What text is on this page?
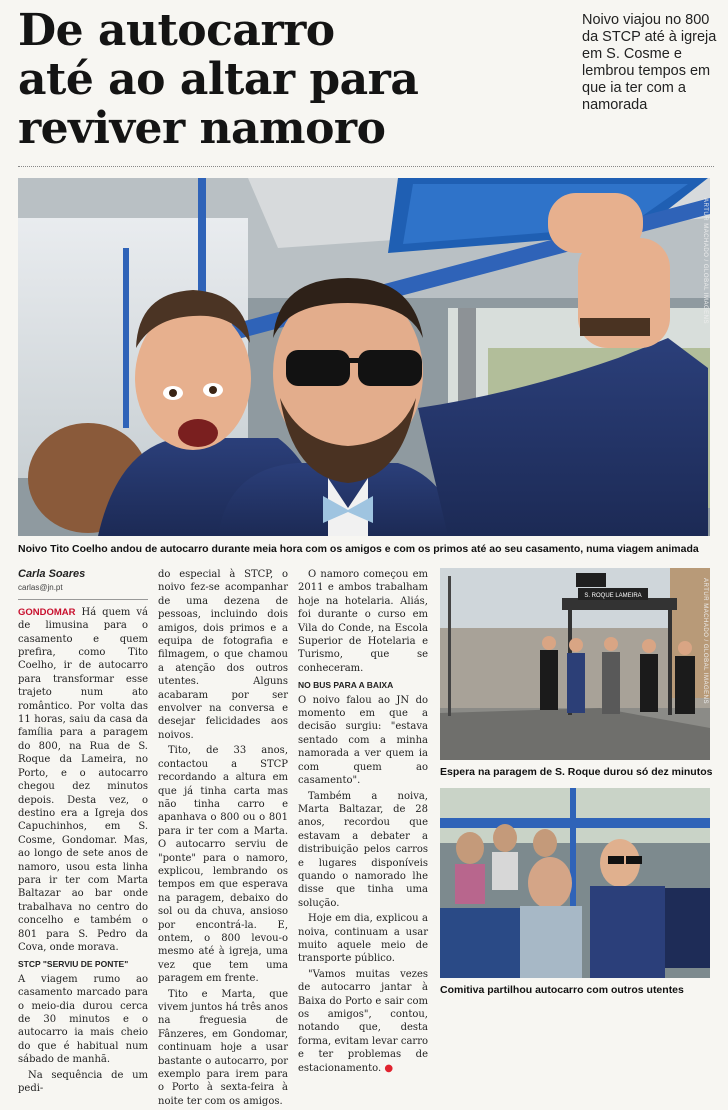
De autocarro
até ao altar para
reviver namoro
Noivo viajou no 800 da STCP até à igreja em S. Cosme e lembrou tempos em que ia ter com a namorada
ARTUR MACHADO / GLOBAL IMAGENS
Noivo Tito Coelho andou de autocarro durante meia hora com os amigos e com os primos até ao seu casamento, numa viagem animada
Carla Soares
carlas@jn.pt

GONDOMAR Há quem vá de limusina para o casamento e quem prefira, como Tito Coelho, ir de autocarro para transformar esse trajeto num ato romântico. Por volta das 11 horas, saiu da casa da família para a paragem do 800, na Rua de S. Roque da Lameira, no Porto, e o autocarro chegou dez minutos depois. Desta vez, o destino era a Igreja dos Capuchinhos, em S. Cosme, Gondomar. Mas, ao longo de sete anos de namoro, usou esta linha para ir ter com Marta Baltazar ao bar onde trabalhava no centro do concelho e também o 801 para S. Pedro da Cova, onde morava.

STCP "SERVIU DE PONTE"

A viagem rumo ao casamento marcado para o meio-dia durou cerca de 30 minutos e o autocarro ia mais cheio do que é habitual num sábado de manhã.

Na sequência de um pedi-

do especial à STCP, o noivo fez-se acompanhar de uma dezena de pessoas, incluindo dois amigos, dois primos e a equipa de fotografia e filmagem, o que chamou a atenção dos outros utentes. Alguns acabaram por ser envolver na conversa e desejar felicidades aos noivos.

Tito, de 33 anos, contactou a STCP recordando a altura em que já tinha carta mas não tinha carro e apanhava o 800 ou o 801 para ir ter com a Marta. O autocarro serviu de "ponte" para o namoro, explicou, lembrando os tempos em que esperava na paragem, debaixo do sol ou da chuva, ansioso por encontrá-la. E, ontem, o 800 levou-o mesmo até à igreja, uma vez que tem uma paragem em frente.

Tito e Marta, que vivem juntos há três anos na freguesia de Fânzeres, em Gondomar, continuam hoje a usar bastante o autocarro, por exemplo para irem para o Porto à sexta-feira à noite ter com os amigos.

O namoro começou em 2011 e ambos trabalham hoje na hotelaria. Aliás, foi durante o curso em Vila do Conde, na Escola Superior de Hotelaria e Turismo, que se conheceram.

NO BUS PARA A BAIXA

O noivo falou ao JN do momento em que a decisão surgiu: "estava sentado com a minha namorada a ver quem ia com quem ao casamento".

Também a noiva, Marta Baltazar, de 28 anos, recordou que estavam a debater a distribuição pelos carros e lugares disponíveis quando o namorado lhe disse que tinha uma solução.

Hoje em dia, explicou a noiva, continuam a usar muito aquele meio de transporte público.

"Vamos muitas vezes de autocarro jantar à Baixa do Porto e sair com os amigos", contou, notando que, desta forma, evitam levar carro e ter problemas de estacionamento. ●

S. ROQUE LAMEIRA	ARTUR MACHADO / GLOBAL IMAGENS
Espera na paragem de S. Roque durou só dez minutos
Comitiva partilhou autocarro com outros utentes
